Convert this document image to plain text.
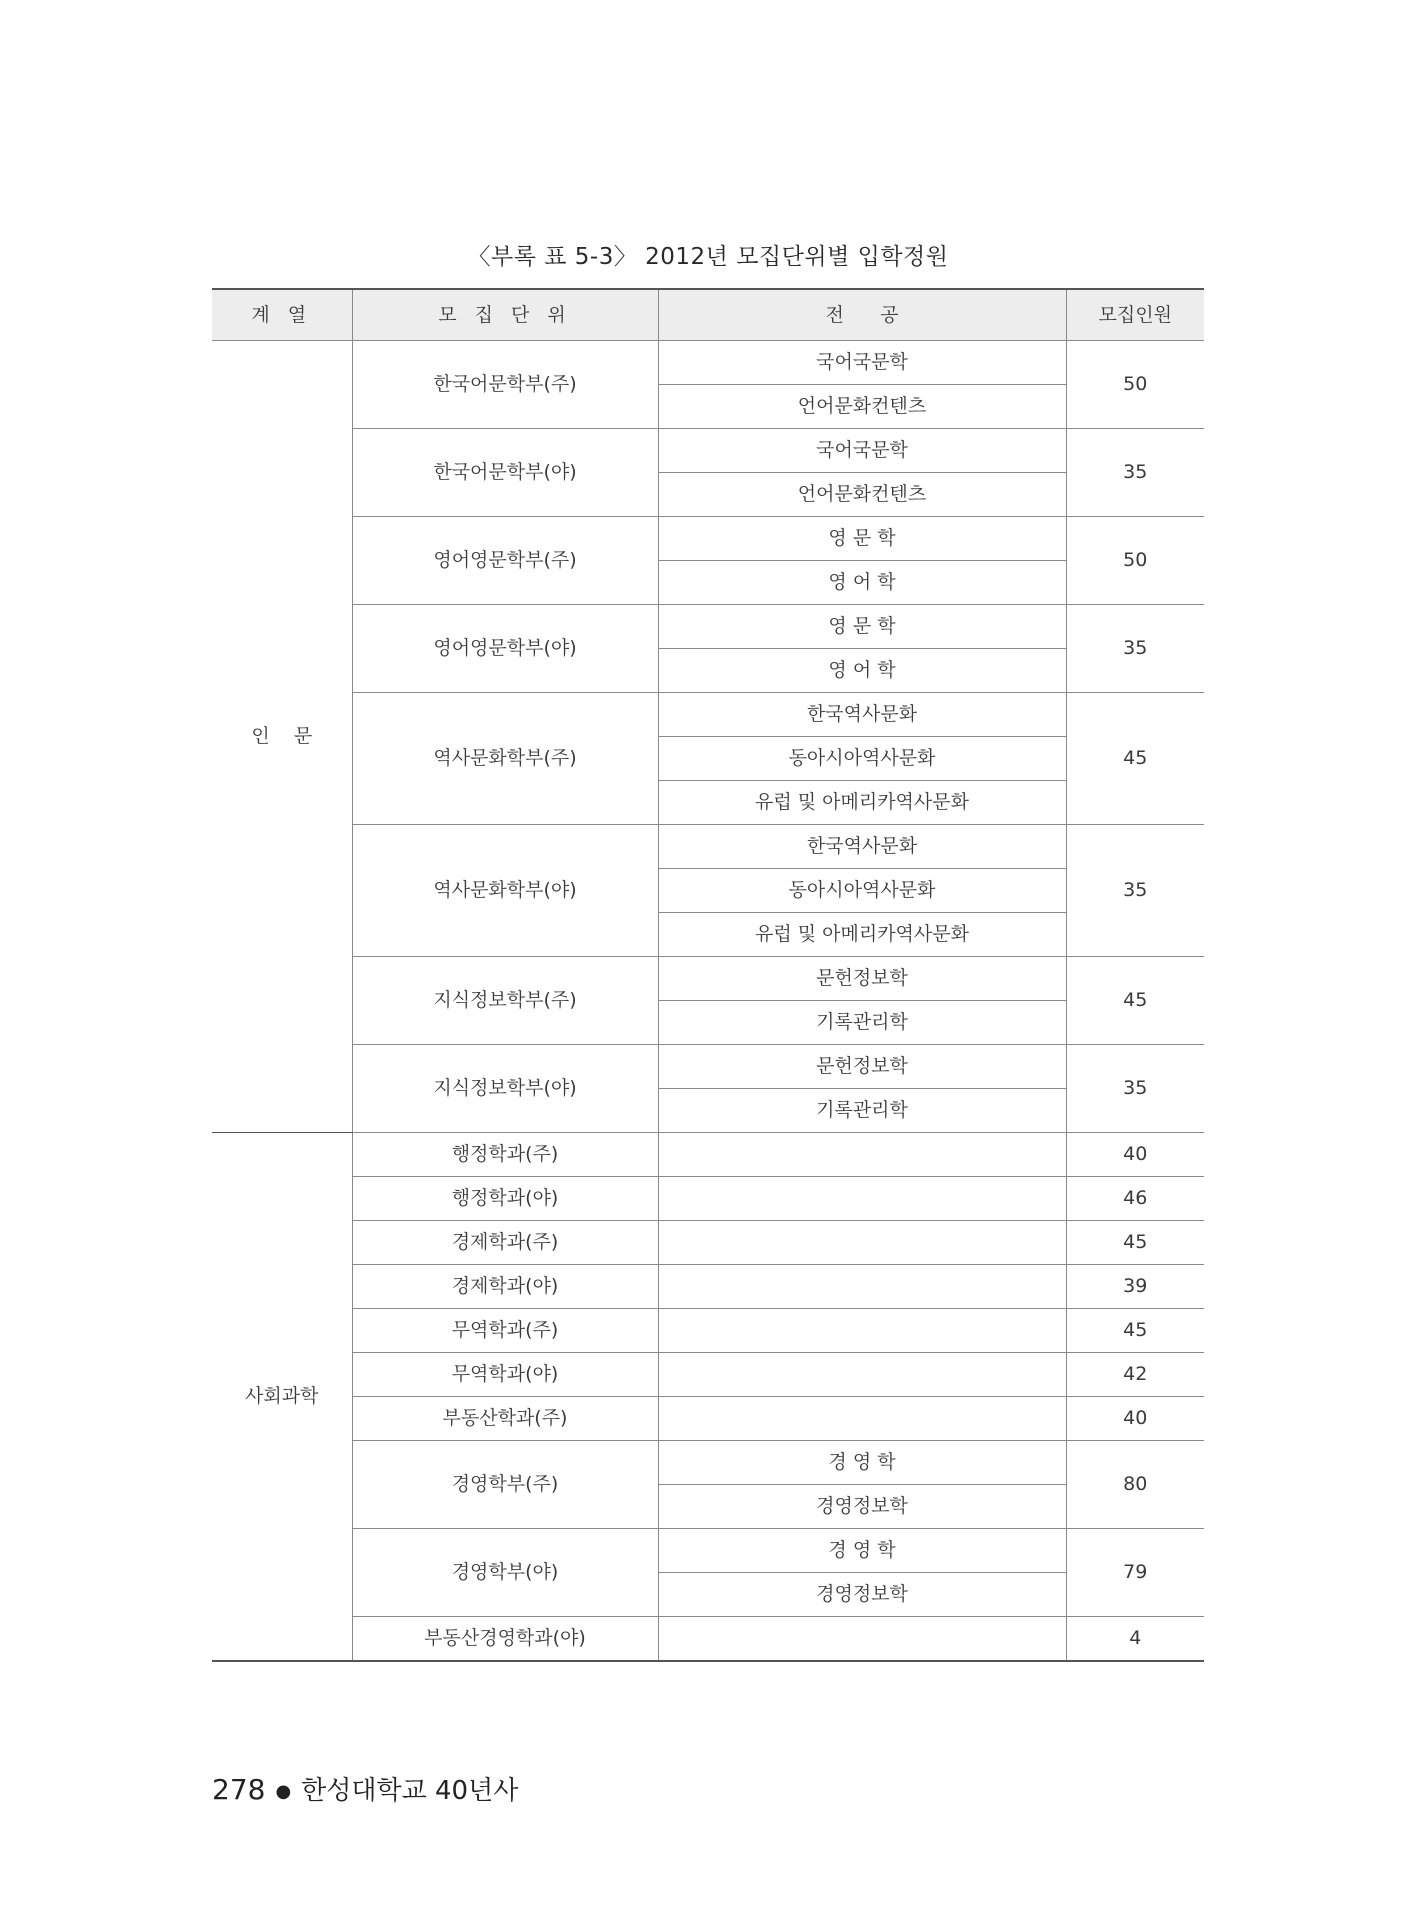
〈부록 표 5-3〉 2012년 모집단위별 입학정원
계 열	모 집 단 위	전      공	모집인원
인    문	한국어문학부(주)	국어국문학	50
		언어문화컨텐츠	
	한국어문학부(야)	국어국문학	35
		언어문화컨텐츠	
	영어영문학부(주)	영 문 학	50
		영 어 학	
	영어영문학부(야)	영 문 학	35
		영 어 학	
	역사문화학부(주)	한국역사문화	45
		동아시아역사문화	
		유럽 및 아메리카역사문화	
	역사문화학부(야)	한국역사문화	35
		동아시아역사문화	
		유럽 및 아메리카역사문화	
	지식정보학부(주)	문헌정보학	45
		기록관리학	
	지식정보학부(야)	문헌정보학	35
		기록관리학	
사회과학	행정학과(주)		40
	행정학과(야)		46
	경제학과(주)		45
	경제학과(야)		39
	무역학과(주)		45
	무역학과(야)		42
	부동산학과(주)		40
	경영학부(주)	경 영 학	80
		경영정보학	
	경영학부(야)	경 영 학	79
		경영정보학	
	부동산경영학과(야)		4
278 ● 한성대학교 40년사
